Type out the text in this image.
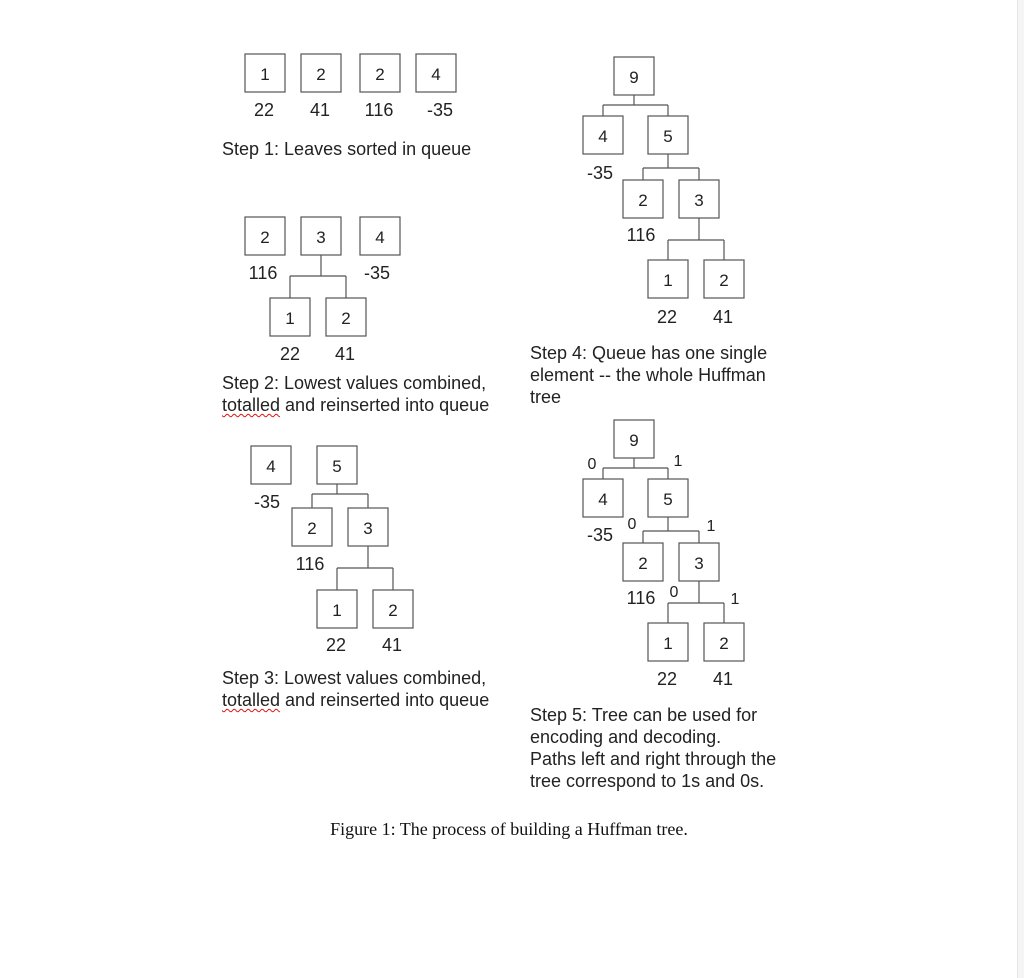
1
22
2
41
2
116
4
-35
2
116
3	4
-35
1
22
2
41
4
-35
5
2
116
3
1
22
2
41
9
4
-35
5
2
116
3
1
22
2
41
9
0	1
4
-35
5
0	1
2
116
3
0	1
1
22
2
41
Step 1: Leaves sorted in queue
Step 2: Lowest values combined,
totalled and reinserted into queue
Step 3: Lowest values combined,
totalled and reinserted into queue
Step 4: Queue has one single
element -- the whole Huffman
tree
Step 5: Tree can be used for
encoding and decoding.
Paths left and right through the
tree correspond to 1s and 0s.
Figure 1: The process of building a Huffman tree.
